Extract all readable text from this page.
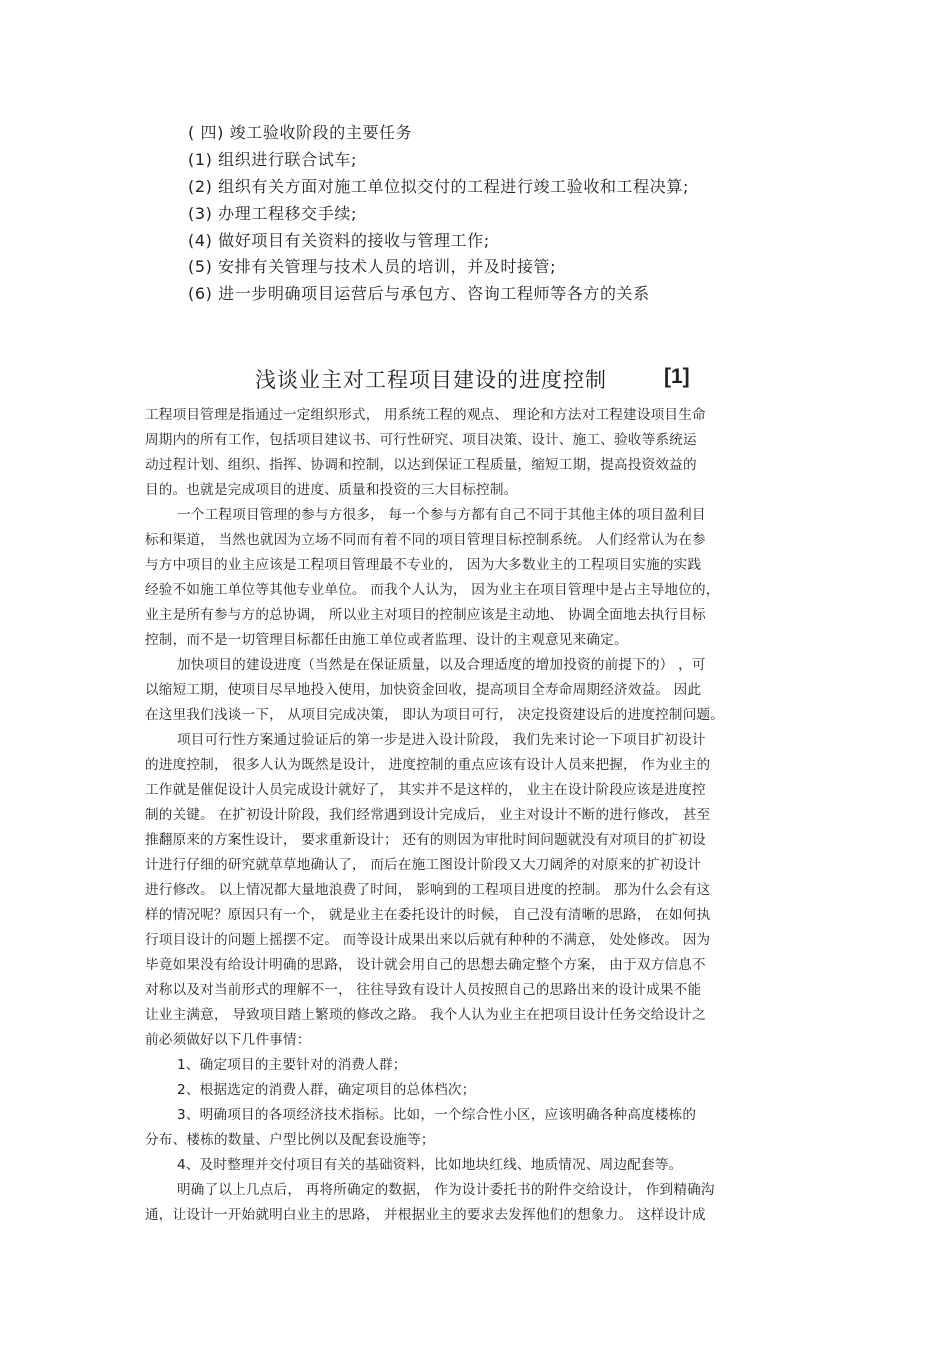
( 四) 竣工验收阶段的主要任务
(1) 组织进行联合试车;
(2) 组织有关方面对施工单位拟交付的工程进行竣工验收和工程决算;
(3) 办理工程移交手续;
(4) 做好项目有关资料的接收与管理工作;
(5) 安排有关管理与技术人员的培训，并及时接管;
(6) 进一步明确项目运营后与承包方、咨询工程师等各方的关系
浅谈业主对工程项目建设的进度控制	[1]
工程项目管理是指通过一定组织形式， 用系统工程的观点、 理论和方法对工程建设项目生命
周期内的所有工作，包括项目建议书、可行性研究、项目决策、设计、施工、验收等系统运
动过程计划、组织、指挥、协调和控制，以达到保证工程质量，缩短工期，提高投资效益的
目的。也就是完成项目的进度、质量和投资的三大目标控制。
一个工程项目管理的参与方很多， 每一个参与方都有自己不同于其他主体的项目盈利目
标和渠道， 当然也就因为立场不同而有着不同的项目管理目标控制系统。 人们经常认为在参
与方中项目的业主应该是工程项目管理最不专业的， 因为大多数业主的工程项目实施的实践
经验不如施工单位等其他专业单位。 而我个人认为， 因为业主在项目管理中是占主导地位的，
业主是所有参与方的总协调， 所以业主对项目的控制应该是主动地、 协调全面地去执行目标
控制，而不是一切管理目标都任由施工单位或者监理、设计的主观意见来确定。
加快项目的建设进度（当然是在保证质量，以及合理适度的增加投资的前提下的） ，可
以缩短工期，使项目尽早地投入使用，加快资金回收，提高项目全寿命周期经济效益。 因此
在这里我们浅谈一下， 从项目完成决策， 即认为项目可行， 决定投资建设后的进度控制问题。
项目可行性方案通过验证后的第一步是进入设计阶段， 我们先来讨论一下项目扩初设计
的进度控制， 很多人认为既然是设计， 进度控制的重点应该有设计人员来把握， 作为业主的
工作就是催促设计人员完成设计就好了， 其实并不是这样的， 业主在设计阶段应该是进度控
制的关键。 在扩初设计阶段，我们经常遇到设计完成后， 业主对设计不断的进行修改， 甚至
推翻原来的方案性设计， 要求重新设计； 还有的则因为审批时间问题就没有对项目的扩初设
计进行仔细的研究就草草地确认了， 而后在施工图设计阶段又大刀阔斧的对原来的扩初设计
进行修改。 以上情况都大量地浪费了时间， 影响到的工程项目进度的控制。 那为什么会有这
样的情况呢？原因只有一个， 就是业主在委托设计的时候， 自己没有清晰的思路， 在如何执
行项目设计的问题上摇摆不定。 而等设计成果出来以后就有种种的不满意， 处处修改。 因为
毕竟如果没有给设计明确的思路， 设计就会用自己的思想去确定整个方案， 由于双方信息不
对称以及对当前形式的理解不一， 往往导致有设计人员按照自己的思路出来的设计成果不能
让业主满意， 导致项目踏上繁琐的修改之路。 我个人认为业主在把项目设计任务交给设计之
前必须做好以下几件事情：
1、确定项目的主要针对的消费人群；
2、根据选定的消费人群，确定项目的总体档次；
3、明确项目的各项经济技术指标。比如，一个综合性小区，应该明确各种高度楼栋的
分布、楼栋的数量、户型比例以及配套设施等；
4、及时整理并交付项目有关的基础资料，比如地块红线、地质情况、周边配套等。
明确了以上几点后， 再将所确定的数据， 作为设计委托书的附件交给设计， 作到精确沟
通，让设计一开始就明白业主的思路， 并根据业主的要求去发挥他们的想象力。 这样设计成
